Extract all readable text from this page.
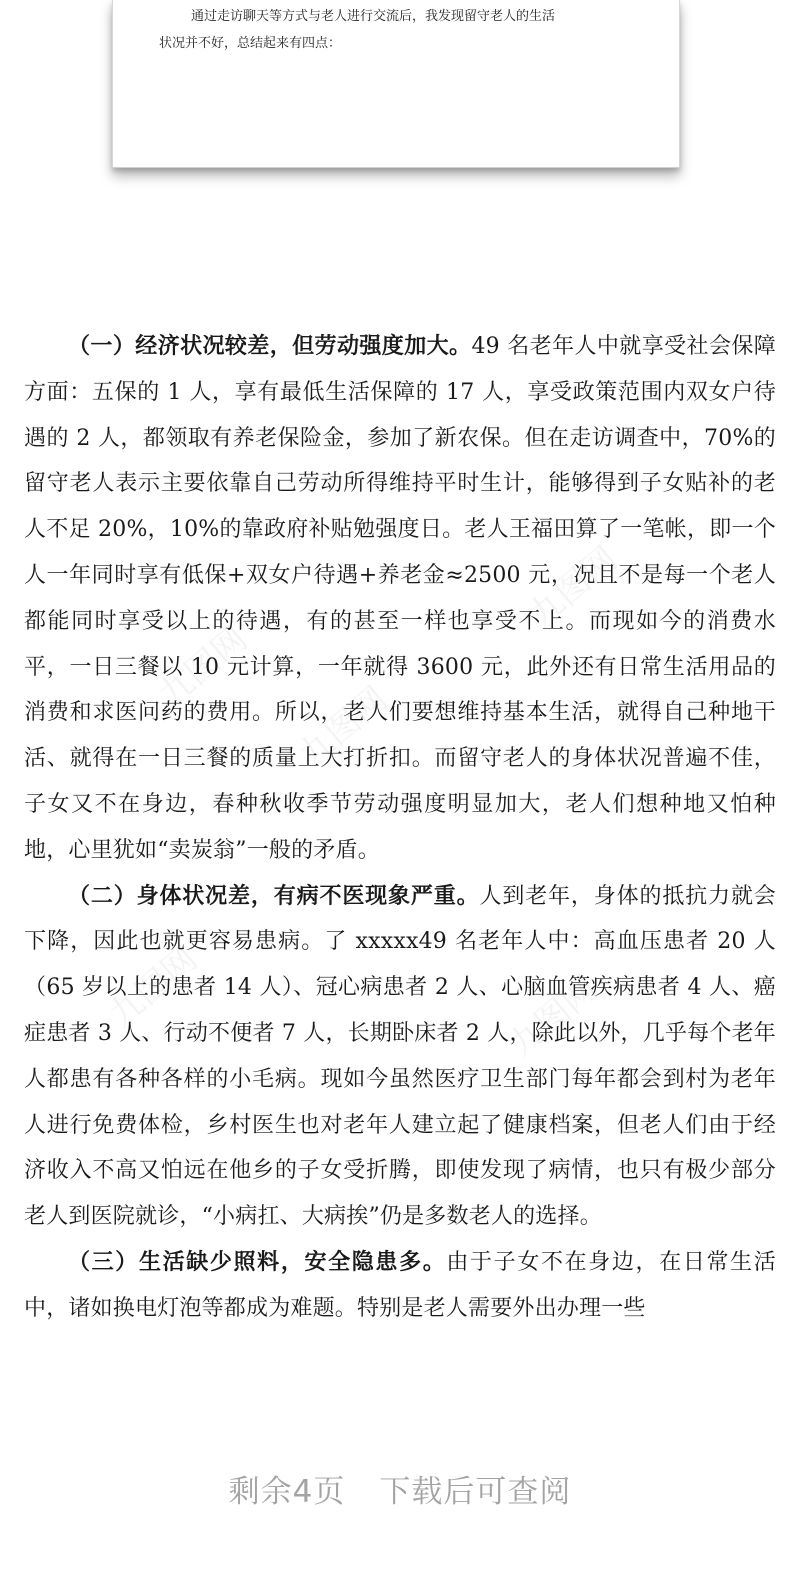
通过走访聊天等方式与老人进行交流后，我发现留守老人的生活
状况并不好，总结起来有四点：
九图网
九图网
九图网
九图网	九图网

（一）经济状况较差，但劳动强度加大。49 名老年人中就享受社会保障方面：五保的 1 人，享有最低生活保障的 17 人，享受政策范围内双女户待遇的 2 人，都领取有养老保险金，参加了新农保。但在走访调查中，70%的留守老人表示主要依靠自己劳动所得维持平时生计，能够得到子女贴补的老人不足 20%，10%的靠政府补贴勉强度日。老人王福田算了一笔帐，即一个人一年同时享有低保+双女户待遇+养老金≈2500 元，况且不是每一个老人都能同时享受以上的待遇，有的甚至一样也享受不上。而现如今的消费水平，一日三餐以 10 元计算，一年就得 3600 元，此外还有日常生活用品的消费和求医问药的费用。所以，老人们要想维持基本生活，就得自己种地干活、就得在一日三餐的质量上大打折扣。而留守老人的身体状况普遍不佳，子女又不在身边，春种秋收季节劳动强度明显加大，老人们想种地又怕种地，心里犹如“卖炭翁”一般的矛盾。

（二）身体状况差，有病不医现象严重。人到老年，身体的抵抗力就会下降，因此也就更容易患病。了 xxxxx49 名老年人中：高血压患者 20 人（65 岁以上的患者 14 人）、冠心病患者 2 人、心脑血管疾病患者 4 人、癌症患者 3 人、行动不便者 7 人，长期卧床者 2 人，除此以外，几乎每个老年人都患有各种各样的小毛病。现如今虽然医疗卫生部门每年都会到村为老年人进行免费体检，乡村医生也对老年人建立起了健康档案，但老人们由于经济收入不高又怕远在他乡的子女受折腾，即使发现了病情，也只有极少部分老人到医院就诊，“小病扛、大病挨”仍是多数老人的选择。

（三）生活缺少照料，安全隐患多。由于子女不在身边，在日常生活中，诸如换电灯泡等都成为难题。特别是老人需要外出办理一些

剩余4页 下载后可查阅
